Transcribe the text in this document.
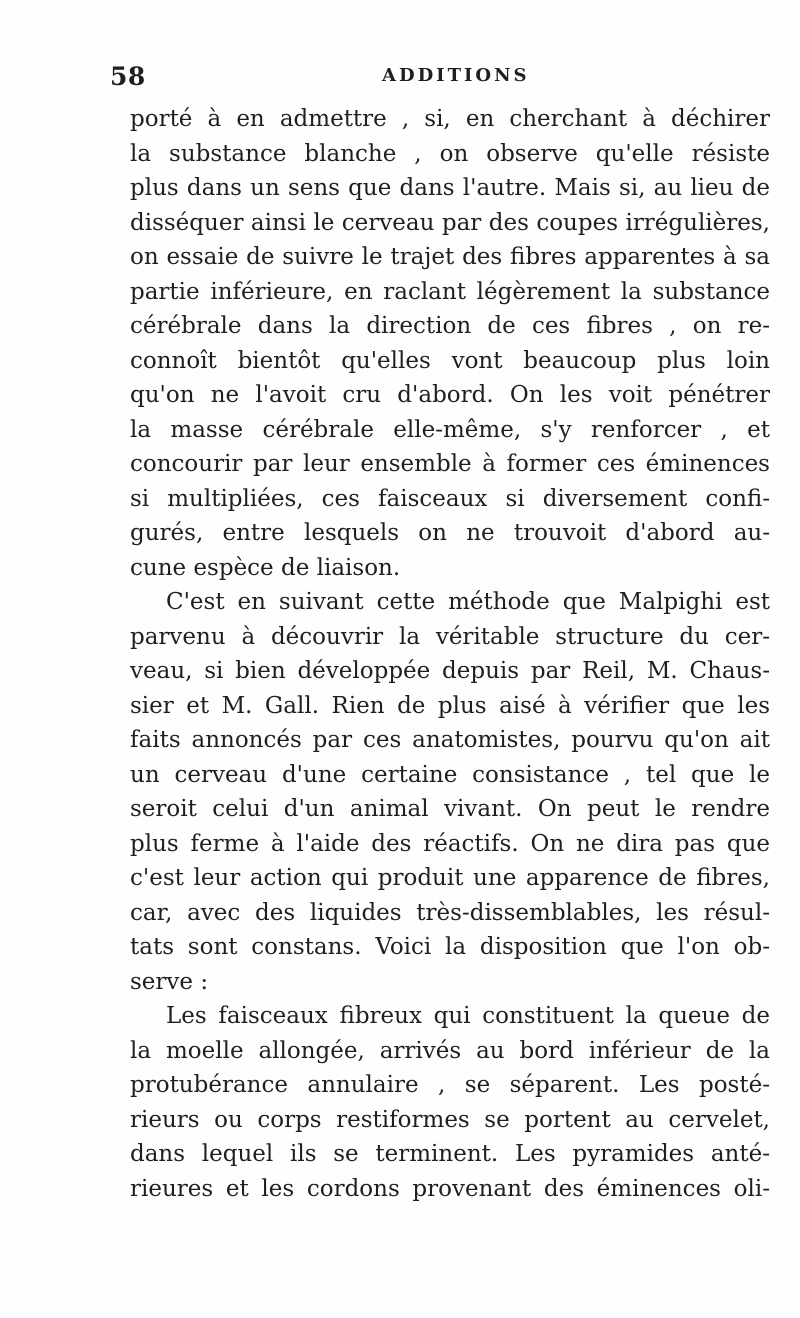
58	ADDITIONS
porté à en admettre , si, en cherchant à déchirer
la substance blanche , on observe qu'elle résiste
plus dans un sens que dans l'autre. Mais si, au lieu de
disséquer ainsi le cerveau par des coupes irrégulières,
on essaie de suivre le trajet des fibres apparentes à sa
partie inférieure, en raclant légèrement la substance
cérébrale dans la direction de ces fibres , on re-
connoît bientôt qu'elles vont beaucoup plus loin
qu'on ne l'avoit cru d'abord. On les voit pénétrer
la masse cérébrale elle-même, s'y renforcer , et
concourir par leur ensemble à former ces éminences
si multipliées, ces faisceaux si diversement confi-
gurés, entre lesquels on ne trouvoit d'abord au-
cune espèce de liaison.
C'est en suivant cette méthode que Malpighi est
parvenu à découvrir la véritable structure du cer-
veau, si bien développée depuis par Reil, M. Chaus-
sier et M. Gall. Rien de plus aisé à vérifier que les
faits annoncés par ces anatomistes, pourvu qu'on ait
un cerveau d'une certaine consistance , tel que le
seroit celui d'un animal vivant. On peut le rendre
plus ferme à l'aide des réactifs. On ne dira pas que
c'est leur action qui produit une apparence de fibres,
car, avec des liquides très-dissemblables, les résul-
tats sont constans. Voici la disposition que l'on ob-
serve :
Les faisceaux fibreux qui constituent la queue de
la moelle allongée, arrivés au bord inférieur de la
protubérance annulaire , se séparent. Les posté-
rieurs ou corps restiformes se portent au cervelet,
dans lequel ils se terminent. Les pyramides anté-
rieures et les cordons provenant des éminences oli-
